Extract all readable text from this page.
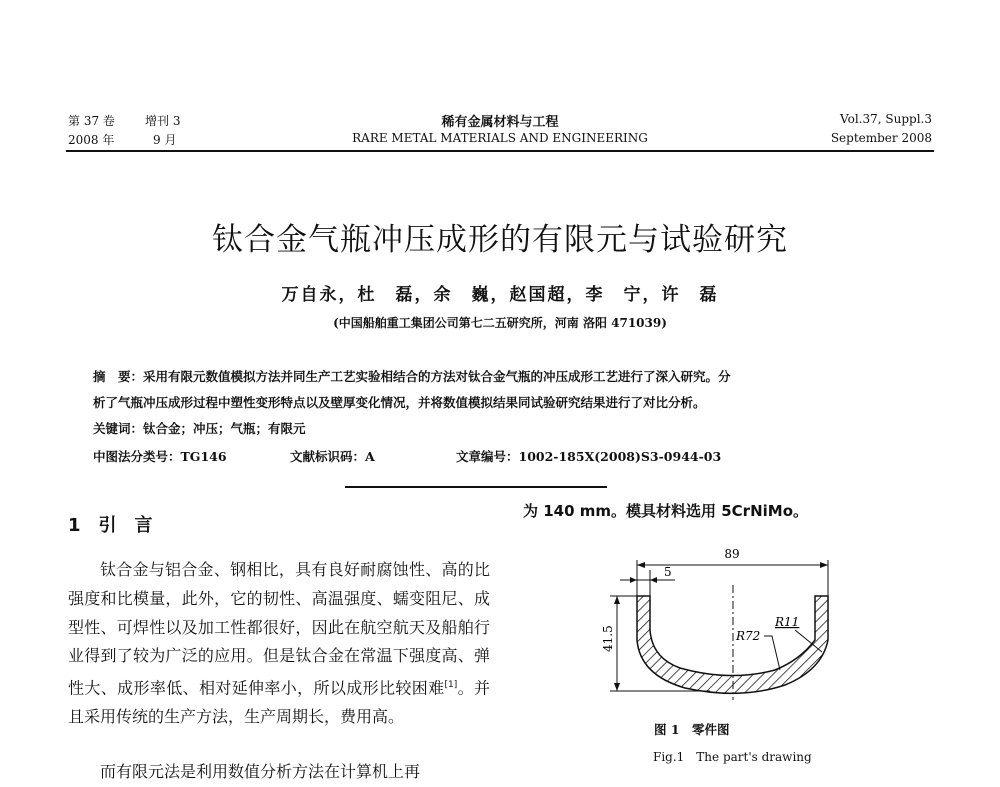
第 37 卷	增刊 3
2008 年	9 月
稀有金属材料与工程
RARE METAL MATERIALS AND ENGINEERING
Vol.37, Suppl.3
September 2008
钛合金气瓶冲压成形的有限元与试验研究
万自永，杜　磊，余　巍，赵国超，李　宁，许　磊
(中国船舶重工集团公司第七二五研究所，河南 洛阳 471039)
摘　要：采用有限元数值模拟方法并同生产工艺实验相结合的方法对钛合金气瓶的冲压成形工艺进行了深入研究。分
析了气瓶冲压成形过程中塑性变形特点以及壁厚变化情况，并将数值模拟结果同试验研究结果进行了对比分析。
关键词：钛合金；冲压；气瓶；有限元
中图法分类号：TG146	文献标识码：A	文章编号：1002-185X(2008)S3-0944-03
1　引　言
钛合金与铝合金、钢相比，具有良好耐腐蚀性、高的比强度和比模量，此外，它的韧性、高温强度、蠕变阻尼、成型性、可焊性以及加工性都很好，因此在航空航天及船舶行业得到了较为广泛的应用。但是钛合金在常温下强度高、弹性大、成形率低、相对延伸率小，所以成形比较困难[1]。并且采用传统的生产方法，生产周期长，费用高。
而有限元法是利用数值分析方法在计算机上再
为 140 mm。模具材料选用 5CrNiMo。
89
5
41.5	R72
R11
图 1　零件图
Fig.1　The part's drawing
